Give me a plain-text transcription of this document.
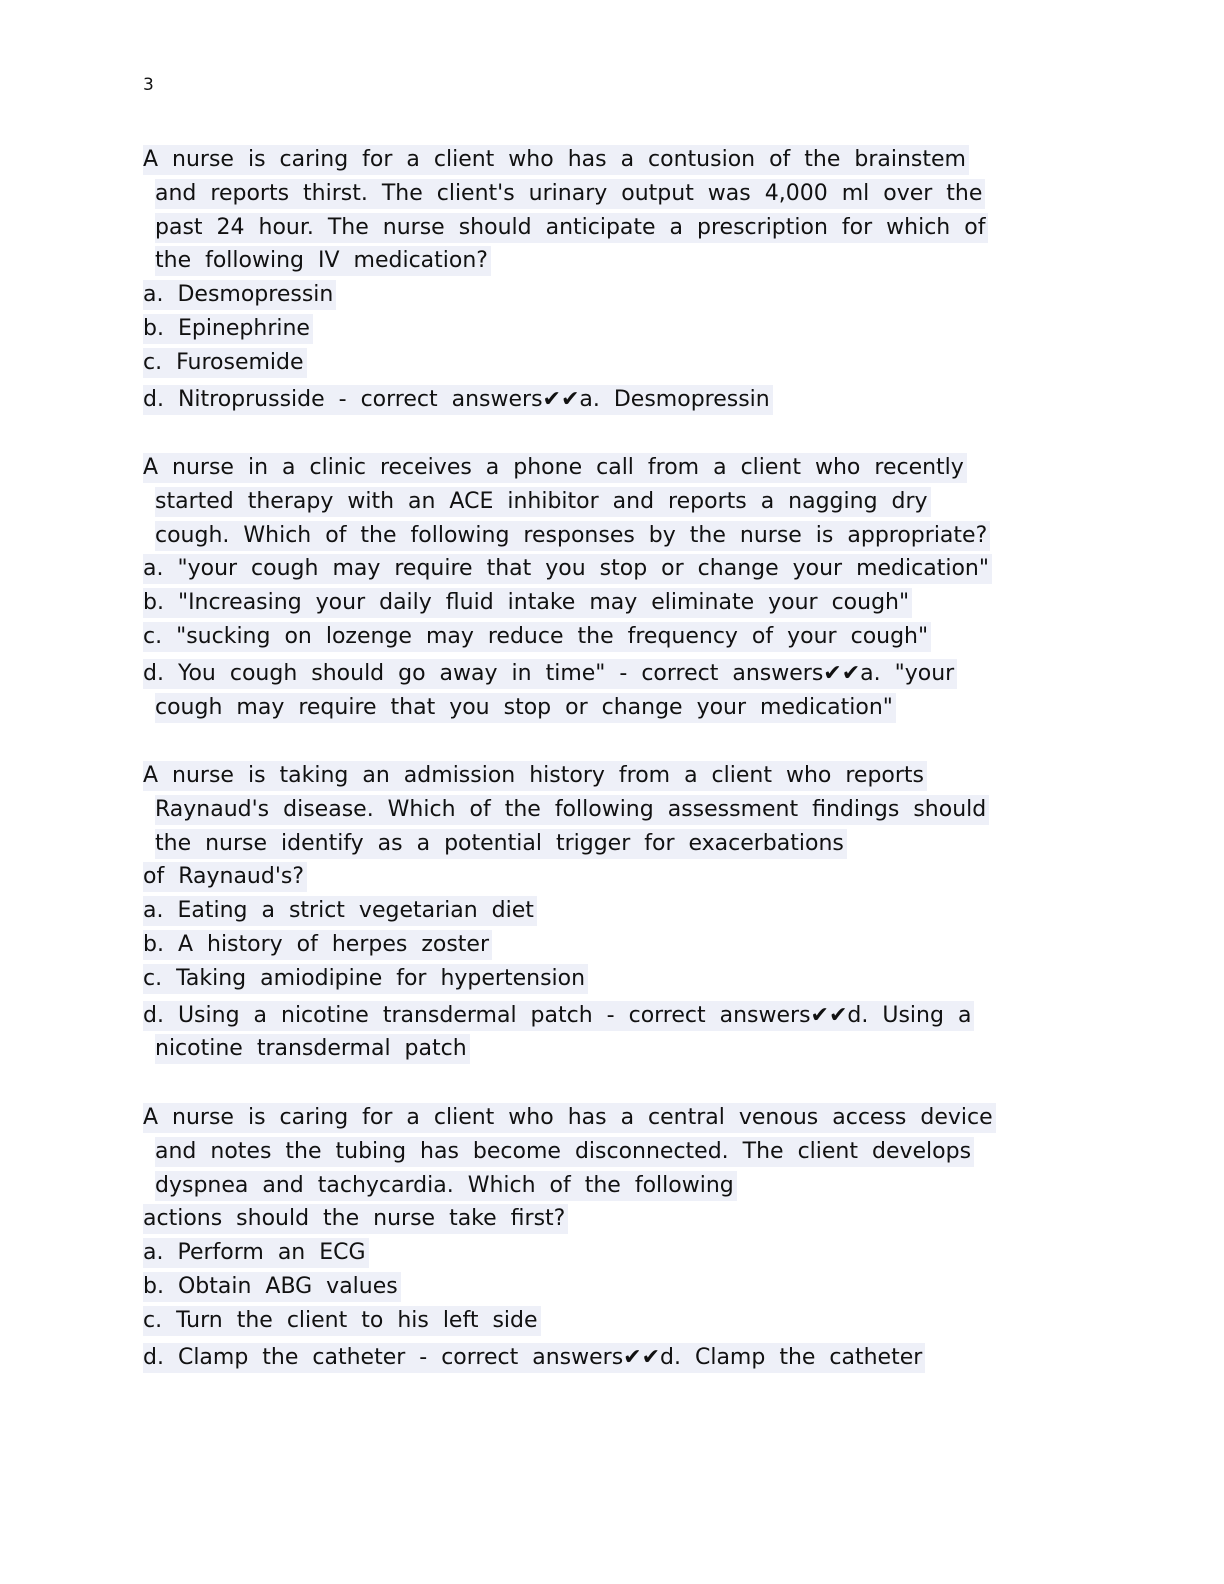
3
A nurse is caring for a client who has a contusion of the brainstem
and reports thirst. The client's urinary output was 4,000 ml over the
past 24 hour. The nurse should anticipate a prescription for which of
the following IV medication?
a. Desmopressin
b. Epinephrine
c. Furosemide
d. Nitroprusside - correct answers✔✔a. Desmopressin
A nurse in a clinic receives a phone call from a client who recently
started therapy with an ACE inhibitor and reports a nagging dry
cough. Which of the following responses by the nurse is appropriate?
a. "your cough may require that you stop or change your medication"
b. "Increasing your daily fluid intake may eliminate your cough"
c. "sucking on lozenge may reduce the frequency of your cough"
d. You cough should go away in time" - correct answers✔✔a. "your
cough may require that you stop or change your medication"
A nurse is taking an admission history from a client who reports
Raynaud's disease. Which of the following assessment findings should
the nurse identify as a potential trigger for exacerbations
of Raynaud's?
a. Eating a strict vegetarian diet
b. A history of herpes zoster
c. Taking amiodipine for hypertension
d. Using a nicotine transdermal patch - correct answers✔✔d. Using a
nicotine transdermal patch
A nurse is caring for a client who has a central venous access device
and notes the tubing has become disconnected. The client develops
dyspnea and tachycardia. Which of the following
actions should the nurse take first?
a. Perform an ECG
b. Obtain ABG values
c. Turn the client to his left side
d. Clamp the catheter - correct answers✔✔d. Clamp the catheter
